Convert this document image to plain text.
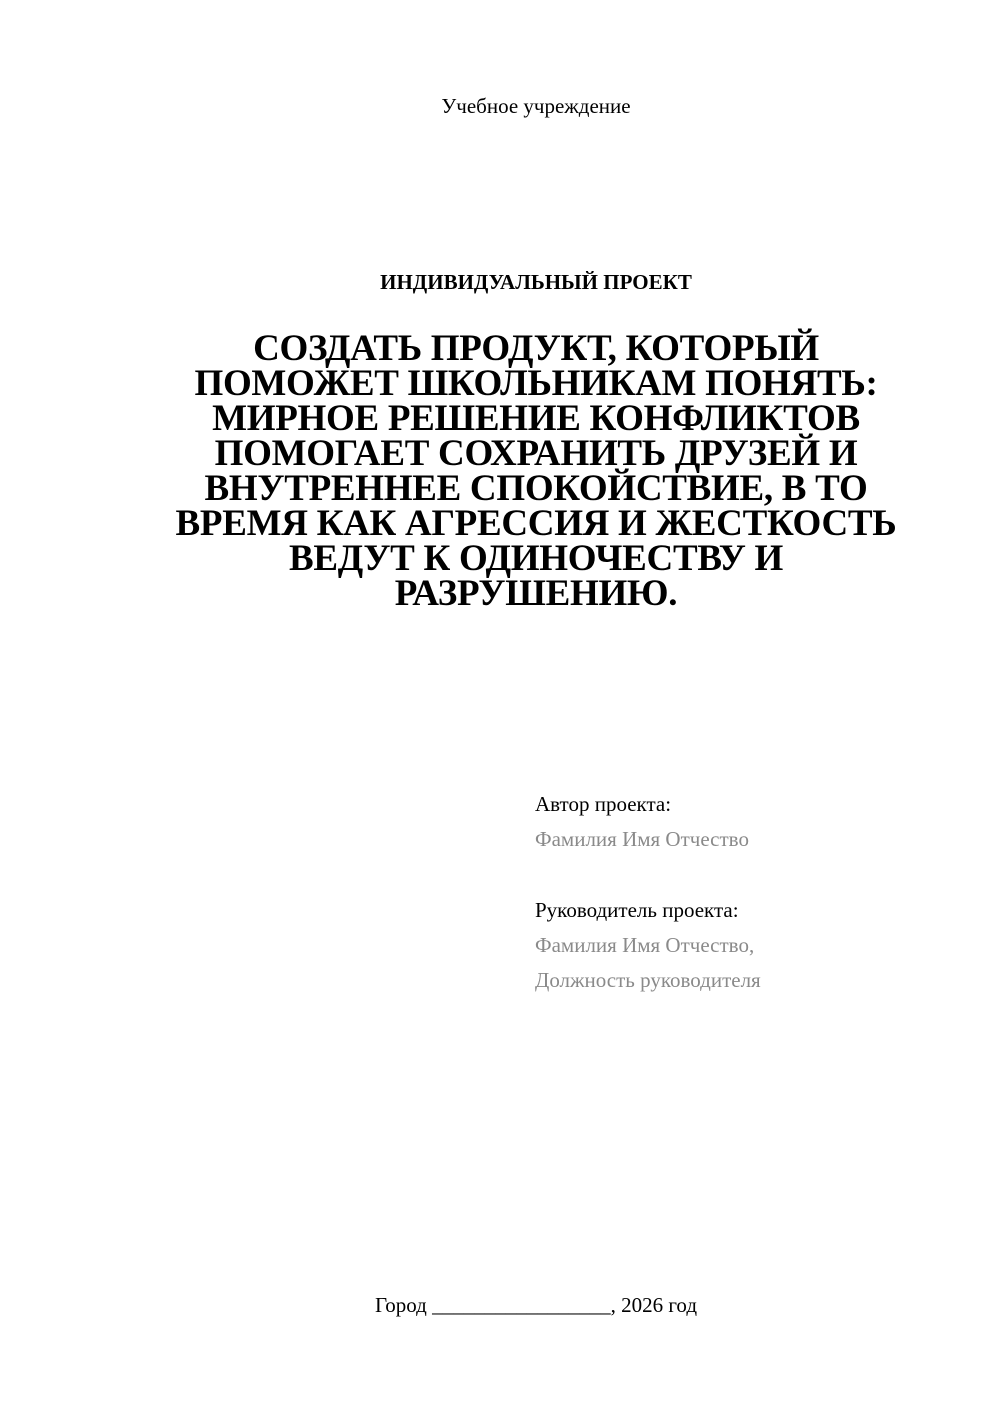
Учебное учреждение
ИНДИВИДУАЛЬНЫЙ ПРОЕКТ
СОЗДАТЬ ПРОДУКТ, КОТОРЫЙ
ПОМОЖЕТ ШКОЛЬНИКАМ ПОНЯТЬ:
МИРНОЕ РЕШЕНИЕ КОНФЛИКТОВ
ПОМОГАЕТ СОХРАНИТЬ ДРУЗЕЙ И
ВНУТРЕННЕЕ СПОКОЙСТВИЕ, В ТО
ВРЕМЯ КАК АГРЕССИЯ И ЖЕСТКОСТЬ
ВЕДУТ К ОДИНОЧЕСТВУ И
РАЗРУШЕНИЮ.
Автор проекта:
Фамилия Имя Отчество
Руководитель проекта:
Фамилия Имя Отчество,
Должность руководителя
Город _________________, 2026 год
